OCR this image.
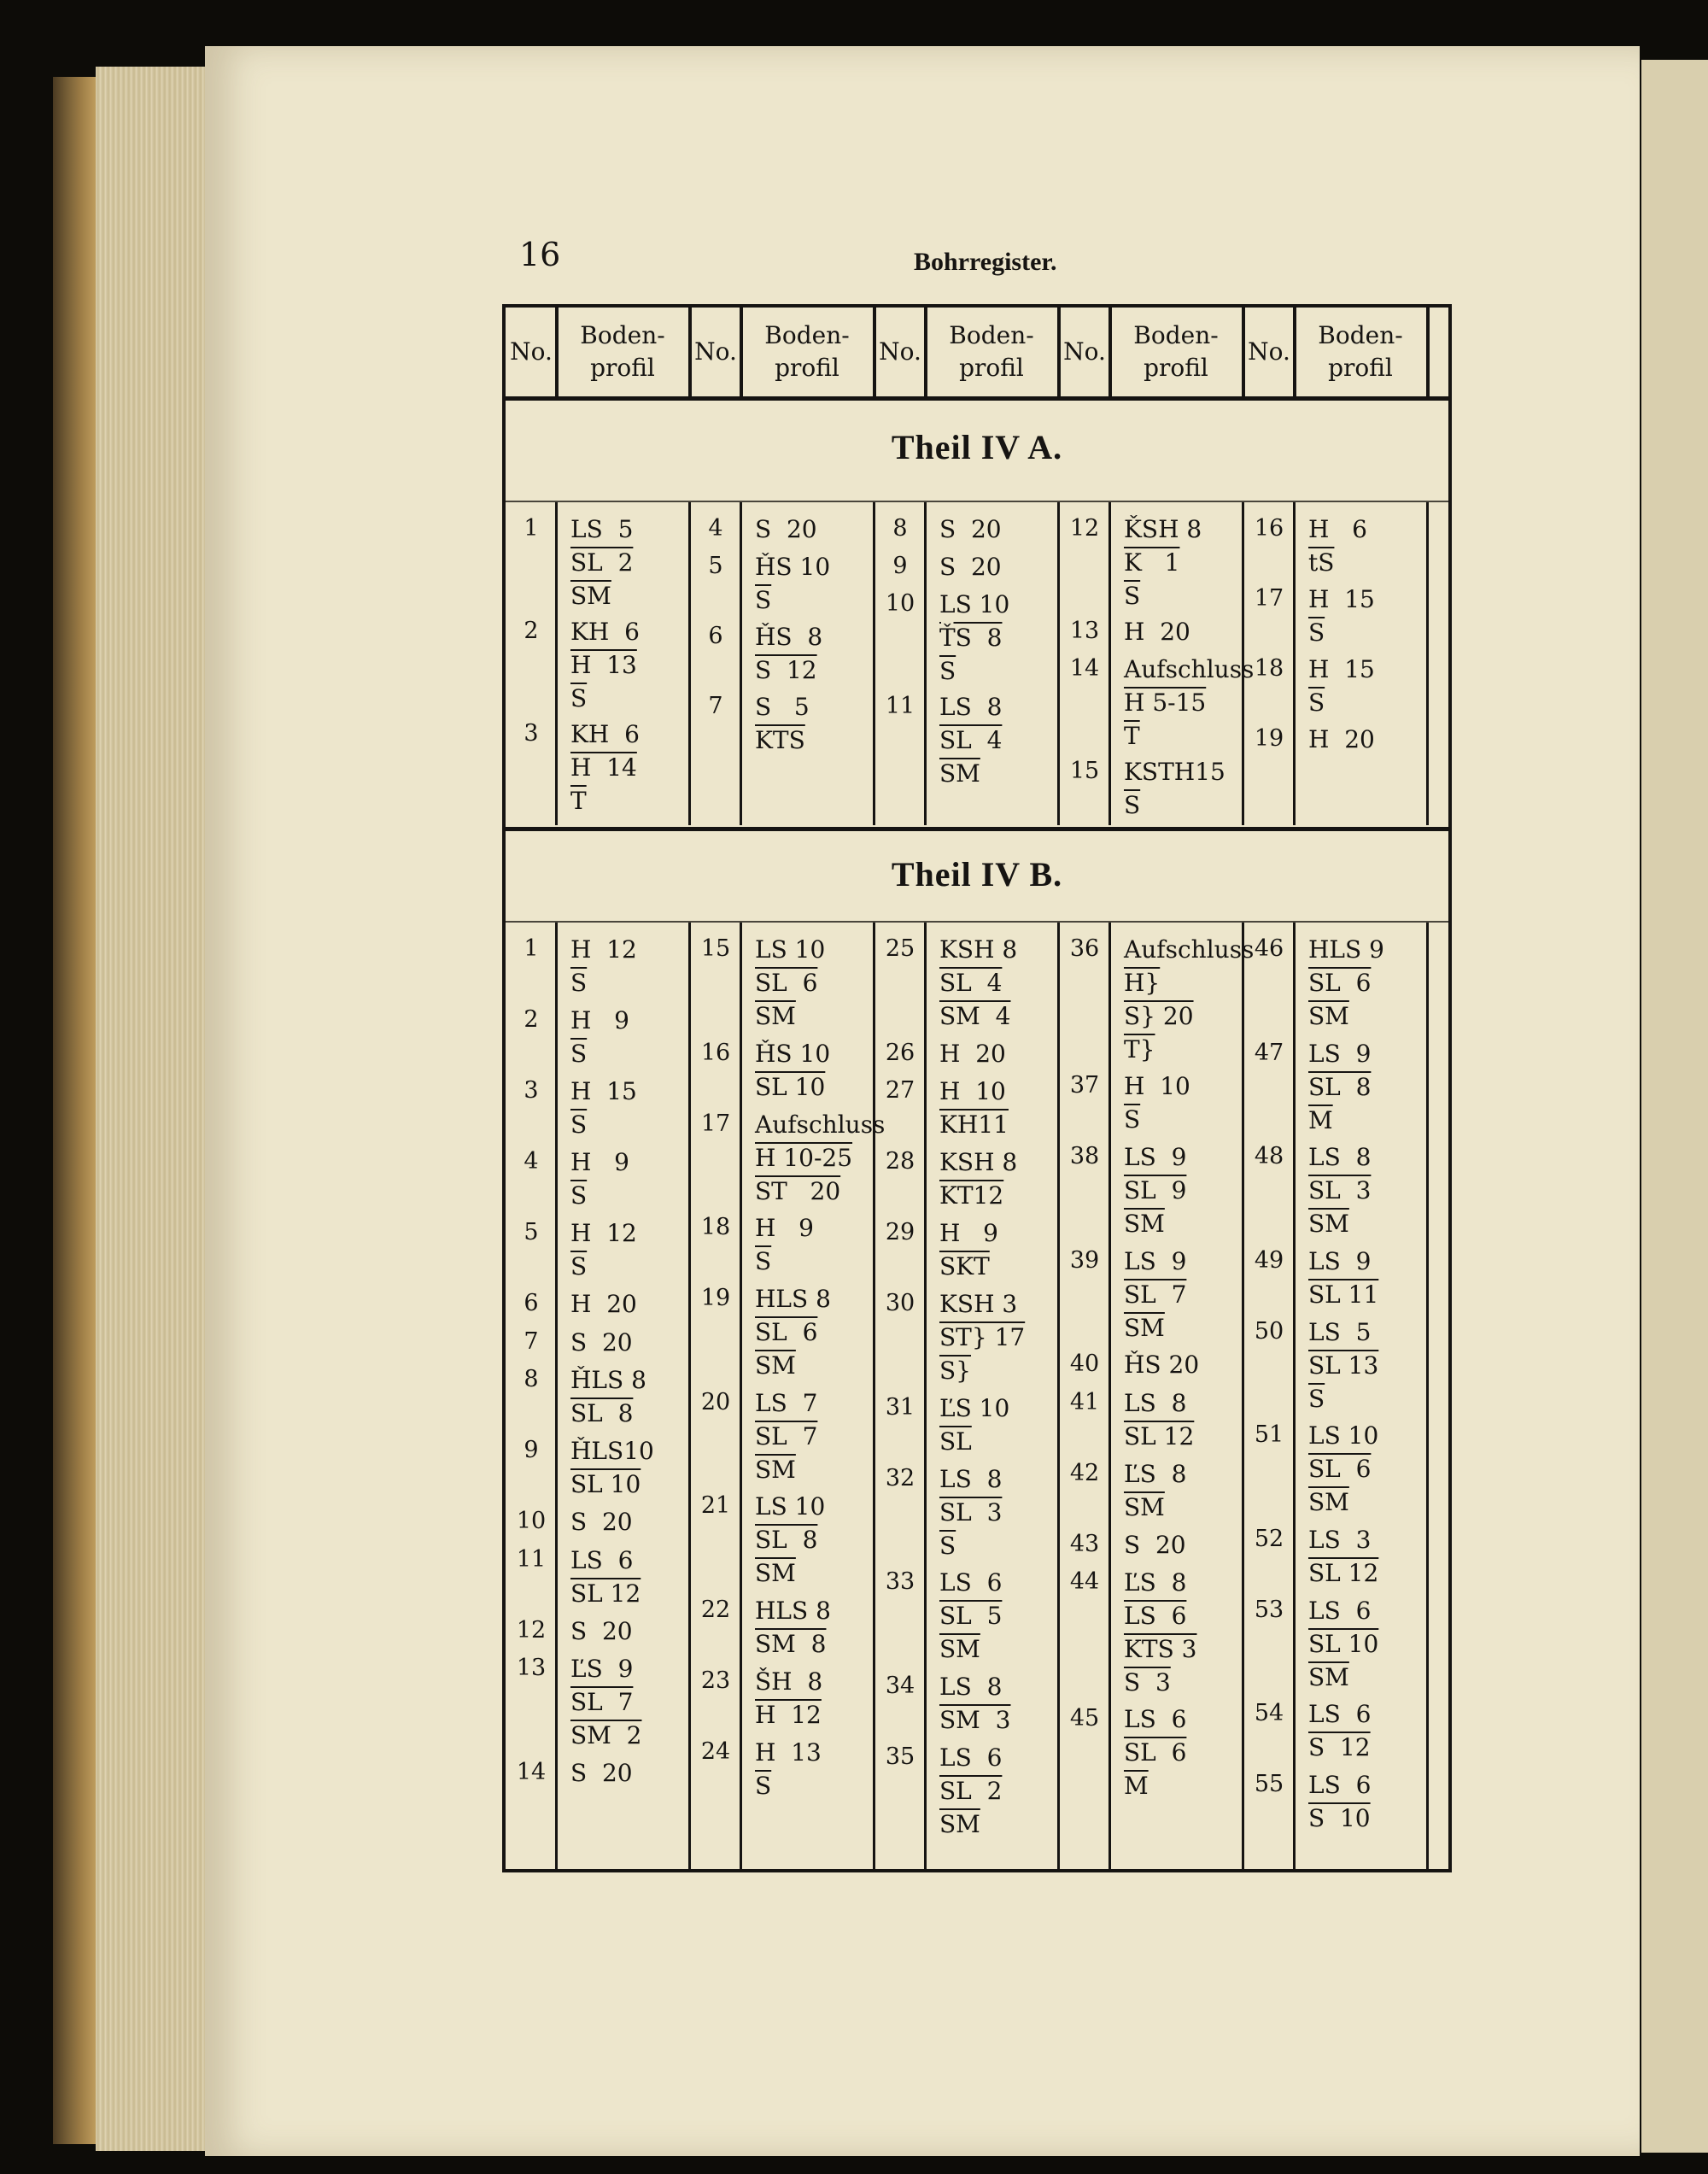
16	Bohrregister.
No.
Boden-
profil
No.
Boden-
profil
No.
Boden-
profil
No.
Boden-
profil
No.
Boden-
profil
Theil IV A.
Theil IV B.
1	LS  5
SL  2
$\overline{SM}$
2	KH  6
H  13
$\overline{S}$
3	KH  6
H  14
$\overline{T}$
4	S  20
5	ȞS 10
$\overline{S}$
6	ȞS  8
S  12
7	S   5
$\overline{KTS}$
8	S  20
9	S  20
10	LS 10
ŤS  8
$\overline{S}$
11	LS  8
SL  4
$\overline{SM}$
12	ǨSH 8
K   1
$\overline{S}$
13	H  20
14	Aufschluss
H 5-15
$\overline{T}$
15	KSTH15
$\overline{S}$
16	H   6
$\overline{tS}$
17	H  15
$\overline{S}$
18	H  15
$\overline{S}$
19	H  20
1	H  12
$\overline{S}$
2	H   9
$\overline{S}$
3	H  15
$\overline{S}$
4	H   9
$\overline{S}$
5	H  12
$\overline{S}$
6	H  20
7	S  20
8	ȞLS 8
SL  8
9	ȞLS10
SL 10
10	S  20
11	LS  6
SL 12
12	S  20
13	ĽS  9
SL  7
SM  2
14	S  20
15	LS 10
SL  6
$\overline{SM}$
16	ȞS 10
SL 10
17	Aufschluss
H 10-25
ST   20
18	H   9
$\overline{S}$
19	HLS 8
SL  6
$\overline{SM}$
20	LS  7
SL  7
$\overline{SM}$
21	LS 10
SL  8
$\overline{SM}$
22	HLS 8
SM  8
23	ŠH  8
H  12
24	H  13
$\overline{S}$
25	KSH 8
SL  4
SM  4
26	H  20
27	H  10
KH11
28	KSH 8
KT12
29	H   9
$\overline{SKT}$
30	KSH 3
ST} 17
S}
31	ĽS 10
$\overline{SL}$
32	LS  8
SL  3
$\overline{S}$
33	LS  6
SL  5
$\overline{SM}$
34	LS  8
SM  3
35	LS  6
SL  2
$\overline{SM}$
36	Aufschluss
H}
S} 20
T}
37	H  10
$\overline{S}$
38	LS  9
SL  9
$\overline{SM}$
39	LS  9
SL  7
$\overline{SM}$
40	ȞS 20
41	LS  8
SL 12
42	ĽS  8
$\overline{SM}$
43	S  20
44	ĽS  8
LS  6
KTS 3
S  3
45	LS  6
SL  6
$\overline{M}$
46	HLS 9
SL  6
$\overline{SM}$
47	LS  9
SL  8
$\overline{M}$
48	LS  8
SL  3
$\overline{SM}$
49	LS  9
SL 11
50	LS  5
SL 13
$\overline{S}$
51	LS 10
SL  6
$\overline{SM}$
52	LS  3
SL 12
53	LS  6
SL 10
$\overline{SM}$
54	LS  6
S  12
55	LS  6
S  10
